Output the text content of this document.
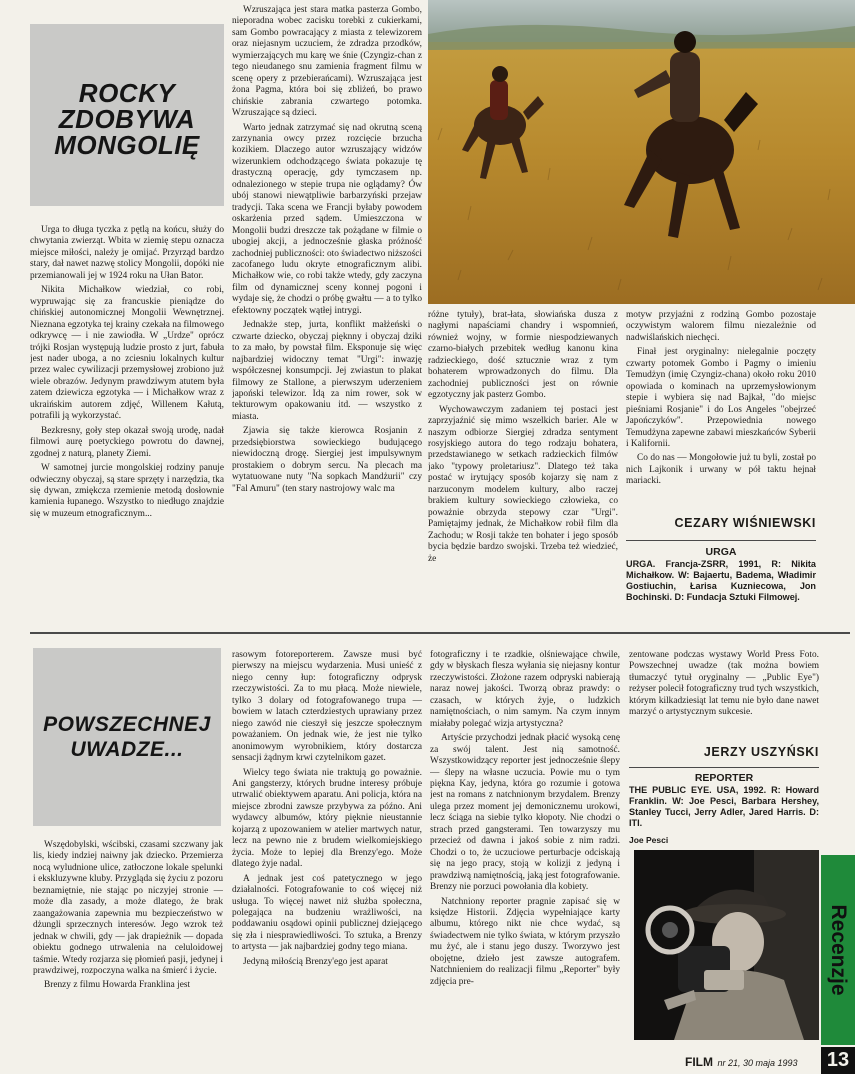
ROCKY
ZDOBYWA
MONGOLIĘ

Urga to długa tyczka z pętlą na końcu, służy do chwytania zwierząt. Wbita w ziemię stepu oznacza miejsce miłości, należy je omijać. Przyrząd bardzo stary, dał nawet nazwę stolicy Mongolii, dopóki nie przemianowali jej w 1924 roku na Ułan Bator.

Nikita Michałkow wiedział, co robi, wypruwając się za francuskie pieniądze do chińskiej autonomicznej Mongolii Wewnętrznej. Nieznana egzotyka tej krainy czekała na filmowego odkrywcę — i nie zawiodła. W „Urdze" oprócz trójki Rosjan występują ludzie prosto z jurt, fabuła jest nader uboga, a no zciesniu lokalnych kultur przez walec cywilizacji przemysłowej zrobiono już wiele obrazów. Jedynym prawdziwym atutem była zatem dziewicza egzotyka — i Michałkow wraz z ukraińskim autorem zdjęć, Willenem Kałutą, potrafili ją wykorzystać.

Bezkresny, goły step okazał swoją urodę, nadał filmowi aurę poetyckiego powrotu do dawnej, zgodnej z naturą, planety Ziemi.

W samotnej jurcie mongolskiej rodziny panuje odwieczny obyczaj, są stare sprzęty i narzędzia, tka się dywan, zmiękcza rzemienie metodą dosłownie kamienia łupanego. Wszystko to niedługo znajdzie się w muzeum etnograficznym...

Wzruszająca jest stara matka pasterza Gombo, nieporadna wobec zacisku torebki z cukierkami, sam Gombo powracający z miasta z telewizorem oraz niejasnym uczuciem, że zdradza przodków, wymierzających mu karę we śnie (Czyngiz-chan z tego nieudanego snu zamienia fragment filmu w scenę opery z przebierańcami). Wzruszająca jest żona Pagma, która boi się zbliżeń, bo prawo chińskie zabrania czwartego potomka. Wzruszające są dzieci.

Warto jednak zatrzymać się nad okrutną sceną zarzynania owcy przez rozcięcie brzucha kozikiem. Dlaczego autor wzruszający widzów wizerunkiem odchodzącego świata pokazuje tę drastyczną operację, gdy tymczasem np. odnalezionego w stepie trupa nie oglądamy? Ów ubój stanowi niewątpliwie barbarzyński przejaw tradycji. Taka scena we Francji byłaby powodem oskarżenia przed sądem. Umieszczona w Mongolii budzi dreszcze tak pożądane w filmie o ubogiej akcji, a jednocześnie głaska próżność zachodniej publiczności: oto świadectwo niższości zacofanego ludu okryte etnograficznym alibi. Michałkow wie, co robi także wtedy, gdy zaczyna film od dynamicznej sceny konnej pogoni i wydaje się, że chodzi o próbę gwałtu — a to tylko efektowny początek wątłej intrygi.

Jednakże step, jurta, konflikt małżeński o czwarte dziecko, obyczaj pięknny i obyczaj dziki to za mało, by powstał film. Eksponuje się więc najbardziej widoczny temat "Urgi": inwazję współczesnej konsumpcji. Jej zwiastun to plakat filmowy ze Stallone, a pierwszym uderzeniem japoński telewizor. Idą za nim rower, sok w tekturowym opakowaniu itd. — wszystko z miasta.

Zjawia się także kierowca Rosjanin z przedsiębiorstwa sowieckiego budującego niewidoczną drogę. Siergiej jest impulsywnym prostakiem o dobrym sercu. Na plecach ma wytatuowane nuty "Na sopkach Mandżurii" czy "Fal Amuru" (ten stary nastrojowy walc ma

różne tytuły), brat-łata, słowiańska dusza z nagłymi napaściami chandry i wspomnień, również wojny, w formie niespodziewanych czarno-białych przebitek według kanonu kina radzieckiego, dość sztucznie wraz z tym bohaterem wprowadzonych do filmu. Dla zachodniej publiczności jest on równie egzotyczny jak pasterz Gombo.

Wychowawczym zadaniem tej postaci jest zaprzyjaźnić się mimo wszelkich barier. Ale w naszym odbiorze Siergiej zdradza sentyment rosyjskiego autora do tego rodzaju bohatera, przedstawianego w setkach radzieckich filmów jako "typowy proletariusz". Dlatego też taka postać w irytujący sposób kojarzy się nam z narzuconym modelem kultury, albo raczej brakiem kultury sowieckiego człowieka, co poważnie obrzyda stepowy czar "Urgi". Pamiętajmy jednak, że Michałkow robił film dla Zachodu; w Rosji także ten bohater i jego sposób bycia będzie bardzo swojski. Trzeba też wiedzieć, że

motyw przyjaźni z rodziną Gombo pozostaje oczywistym walorem filmu niezależnie od nadwiślańskich niechęci.

Finał jest oryginalny: nielegalnie poczęty czwarty potomek Gombo i Pagmy o imieniu Temudżyn (imię Czyngiz-chana) około roku 2010 opowiada o kominach na uprzemysłowionym stepie i wybiera się nad Bajkał, "do miejsc pieśniami Rosjanie" i do Los Angeles "obejrzeć Japończyków". Przepowiednia nowego Temudżyna zapewne zabawi mieszkańców Syberii i Kalifornii.

Co do nas — Mongołowie już tu byli, został po nich Lajkonik i urwany w pół taktu hejnał mariacki.

CEZARY WIŚNIEWSKI
URGA
URGA. Francja-ZSRR, 1991, R: Nikita Michałkow. W: Bajaertu, Badema, Władimir Gostiuchin, Łarisa Kuzniecowa, Jon Bochinski. D: Fundacja Sztuki Filmowej.
POWSZECHNEJ
UWADZE...

Wszędobylski, wścibski, czasami szczwany jak lis, kiedy indziej naiwny jak dziecko. Przemierza nocą wyludnione ulice, zatłoczone lokale spelunki i ekskluzywne kluby. Przygląda się życiu z pozoru beznamiętnie, nie stając po niczyjej stronie — może dla zasady, a może dlatego, że brak zaangażowania zapewnia mu bezpieczeństwo w dżungli sprzecznych interesów. Jego wzrok też jednak w chwili, gdy — jak drapieżnik — dopada obiektu godnego utrwalenia na celuloidowej taśmie. Wtedy rozjarza się płomień pasji, jedynej i prawdziwej, rozpoczyna walka na śmierć i życie.

Brenzy z filmu Howarda Franklina jest

rasowym fotoreporterem. Zawsze musi być pierwszy na miejscu wydarzenia. Musi unieść z niego cenny łup: fotograficzny odprysk rzeczywistości. Za to mu płacą. Może niewiele, tylko 3 dolary od fotografowanego trupa — bowiem w latach czterdziestych uprawiany przez niego zawód nie cieszył się jeszcze społecznym poważaniem. On jednak wie, że jest nie tylko anonimowym wyrobnikiem, który dostarcza sensacji żądnym krwi czytelnikom gazet.

Wielcy tego świata nie traktują go poważnie. Ani gangsterzy, których brudne interesy próbuje utrwalić obiektywem aparatu. Ani policja, która na miejsce zbrodni zawsze przybywa za późno. Ani wydawcy albumów, który pięknie nieustannie kojarzą z upozowaniem w atelier martwych natur, lecz na pewno nie z brudem wielkomiejskiego życia. Może to lepiej dla Brenzy'ego. Może dlatego żyje nadal.

A jednak jest coś patetycznego w jego działalności. Fotografowanie to coś więcej niż usługa. To więcej nawet niż służba społeczna, polegająca na budzeniu wrażliwości, na poddawaniu osądowi opinii publicznej dziejącego się zła i niesprawiedliwości. To sztuka, a Brenzy to artysta — jak najbardziej godny tego miana.

Jedyną miłością Brenzy'ego jest aparat

fotograficzny i te rzadkie, olśniewające chwile, gdy w błyskach flesza wyłania się niejasny kontur rzeczywistości. Złożone razem odpryski nabierają naraz nowej jakości. Tworzą obraz prawdy: o czasach, w których żyje, o ludzkich namiętnościach, o nim samym. Na czym innym miałaby polegać wizja artystyczna?

Artyście przychodzi jednak płacić wysoką cenę za swój talent. Jest nią samotność. Wszystkowidzący reporter jest jednocześnie ślepy — ślepy na własne uczucia. Powie mu o tym piękna Kay, jedyna, która go rozumie i gotowa jest na romans z natchnionym brzydalem. Brenzy ulega przez moment jej demonicznemu urokowi, lecz ściąga na siebie tylko kłopoty. Nie chodzi o strach przed gangsterami. Ten towarzyszy mu przecież od dawna i jakoś sobie z nim radzi. Chodzi o to, że uczuciowe perturbacje odciskają się na jego pracy, stoją w kolizji z jedyną i prawdziwą namiętnością, jaką jest fotografowanie. Brenzy nie porzuci powołania dla kobiety.

Natchniony reporter pragnie zapisać się w księdze Historii. Zdjęcia wypełniające karty albumu, którego nikt nie chce wydać, są świadectwem nie tylko świata, w którym przyszło mu żyć, ale i stanu jego duszy. Tworzywo jest obojętne, dzieło jest zawsze autografem. Natchnieniem do realizacji filmu „Reporter" były zdjęcia pre-

zentowane podczas wystawy World Press Foto. Powszechnej uwadze (tak można bowiem tłumaczyć tytuł oryginalny — „Public Eye") reżyser polecił fotograficzny trud tych wszystkich, którym kilkadziesiąt lat temu nie było dane nawet marzyć o artystycznym sukcesie.

JERZY USZYŃSKI
REPORTER
THE PUBLIC EYE. USA, 1992. R: Howard Franklin. W: Joe Pesci, Barbara Hershey, Stanley Tucci, Jerry Adler, Jared Harris. D: ITI.
Joe Pesci
Recenzje
FILM nr 21, 30 maja 1993	13
